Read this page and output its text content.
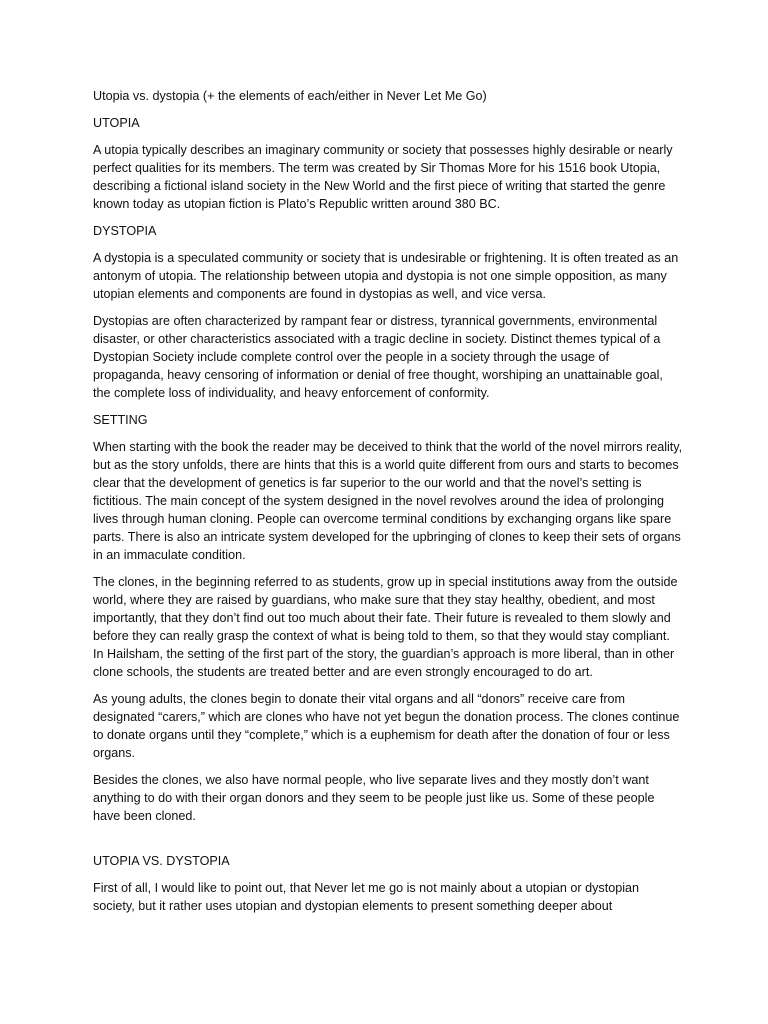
Utopia vs. dystopia (+ the elements of each/either in Never Let Me Go)

UTOPIA

A utopia typically describes an imaginary community or society that possesses highly desirable or nearly perfect qualities for its members. The term was created by Sir Thomas More for his 1516 book Utopia, describing a fictional island society in the New World and the first piece of writing that started the genre known today as utopian fiction is Plato’s Republic written around 380 BC.

DYSTOPIA

A dystopia is a speculated community or society that is undesirable or frightening. It is often treated as an antonym of utopia. The relationship between utopia and dystopia is not one simple opposition, as many utopian elements and components are found in dystopias as well, and vice versa.

Dystopias are often characterized by rampant fear or distress, tyrannical governments, environmental disaster, or other characteristics associated with a tragic decline in society. Distinct themes typical of a Dystopian Society include complete control over the people in a society through the usage of propaganda, heavy censoring of information or denial of free thought, worshiping an unattainable goal, the complete loss of individuality, and heavy enforcement of conformity.

SETTING

When starting with the book the reader may be deceived to think that the world of the novel mirrors reality, but as the story unfolds, there are hints that this is a world quite different from ours and starts to becomes clear that the development of genetics is far superior to the our world and that the novel’s setting is fictitious. The main concept of the system designed in the novel revolves around the idea of prolonging lives through human cloning. People can overcome terminal conditions by exchanging organs like spare parts. There is also an intricate system developed for the upbringing of clones to keep their sets of organs in an immaculate condition.

The clones, in the beginning referred to as students, grow up in special institutions away from the outside world, where they are raised by guardians, who make sure that they stay healthy, obedient, and most importantly, that they don’t find out too much about their fate. Their future is revealed to them slowly and before they can really grasp the context of what is being told to them, so that they would stay compliant. In Hailsham, the setting of the first part of the story, the guardian’s approach is more liberal, than in other clone schools, the students are treated better and are even strongly encouraged to do art.

As young adults, the clones begin to donate their vital organs and all “donors” receive care from designated “carers,” which are clones who have not yet begun the donation process. The clones continue to donate organs until they “complete,” which is a euphemism for death after the donation of four or less organs.

Besides the clones, we also have normal people, who live separate lives and they mostly don’t want anything to do with their organ donors and they seem to be people just like us. Some of these people have been cloned.

UTOPIA VS. DYSTOPIA

First of all, I would like to point out, that Never let me go is not mainly about a utopian or dystopian society, but it rather uses utopian and dystopian elements to present something deeper about
